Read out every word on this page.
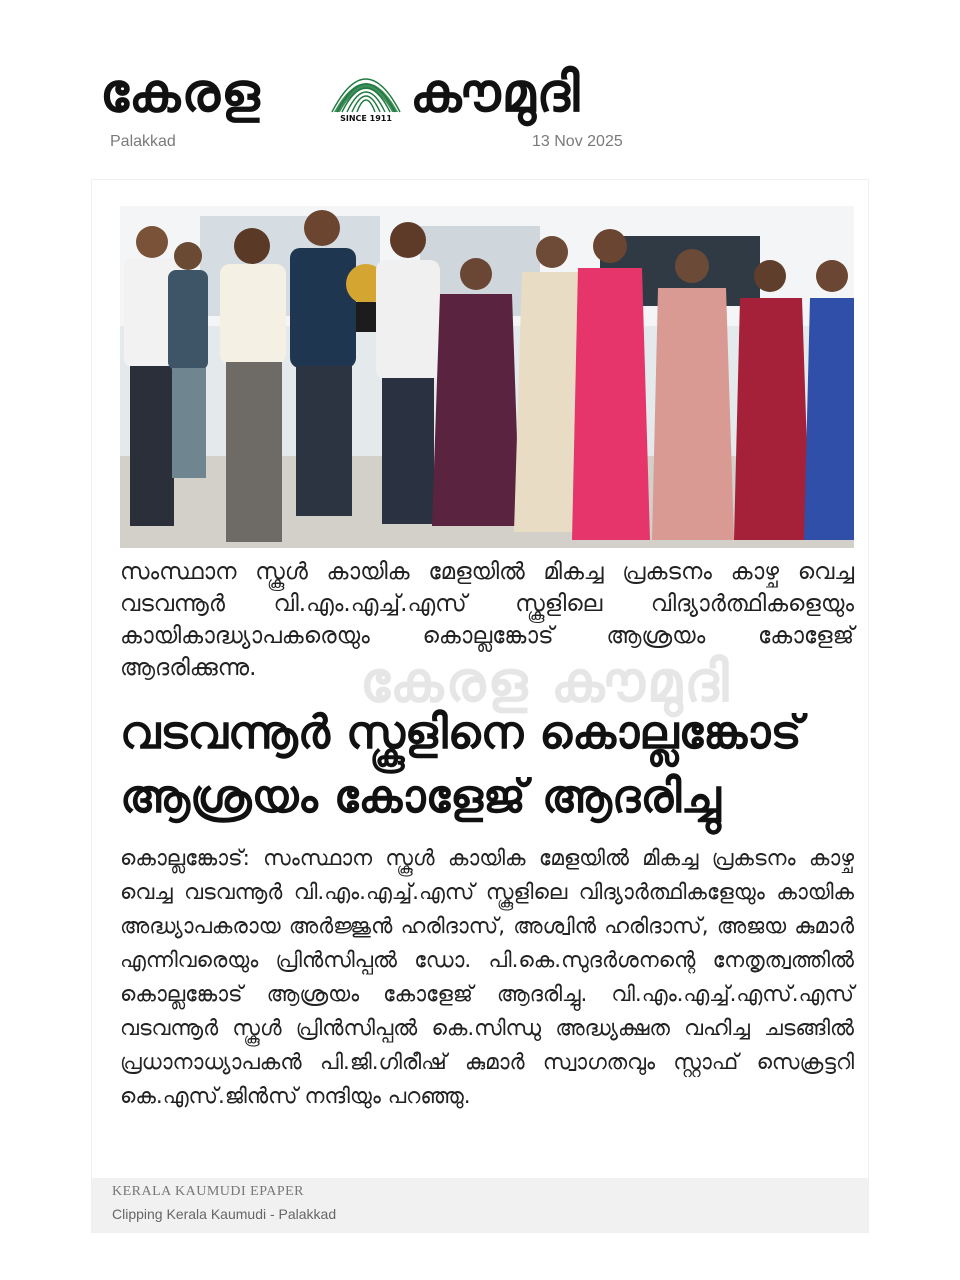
കേരള	SINCE 1911 കൗമുദി
Palakkad	13 Nov 2025
സംസ്ഥാന സ്കൂൾ കായിക മേളയിൽ മികച്ച പ്രകടനം കാഴ്ച വെച്ച വടവന്നൂർ വി.എം.എച്ച്.എസ് സ്കൂളിലെ വിദ്യാർത്ഥികളെയും കായികാദ്ധ്യാപകരെയും കൊല്ലങ്കോട് ആശ്രയം കോളേജ് ആദരിക്കുന്നു.	കേരള കൗമുദി
വടവന്നൂർ സ്കൂളിനെ കൊല്ലങ്കോട്
ആശ്രയം കോളേജ് ആദരിച്ചു
കൊല്ലങ്കോട്: സംസ്ഥാന സ്കൂൾ കായിക മേളയിൽ മികച്ച പ്രകടനം കാഴ്ച വെച്ച വടവന്നൂർ വി.എം.എച്ച്.എസ് സ്കൂളിലെ വിദ്യാർത്ഥികളേയും കായിക അദ്ധ്യാപകരായ അർജ്ജുൻ ഹരിദാസ്, അശ്വിൻ ഹരിദാസ്, അജയ കുമാർ എന്നിവരെയും പ്രിൻസിപ്പൽ ഡോ. പി.കെ.സുദർശനന്റെ നേതൃത്വത്തിൽ കൊല്ലങ്കോട് ആശ്രയം കോളേജ് ആദരിച്ചു. വി.എം.എച്ച്.എസ്.എസ് വടവന്നൂർ സ്കൂൾ പ്രിൻസിപ്പൽ കെ.സിന്ധു അദ്ധ്യക്ഷത വഹിച്ച ചടങ്ങിൽ പ്രധാനാധ്യാപകൻ പി.ജി.ഗിരീഷ് കുമാർ സ്വാഗതവും സ്റ്റാഫ് സെക്രട്ടറി കെ.എസ്.ജിൻസ് നന്ദിയും പറഞ്ഞു.
KERALA KAUMUDI EPAPER
Clipping Kerala Kaumudi - Palakkad
